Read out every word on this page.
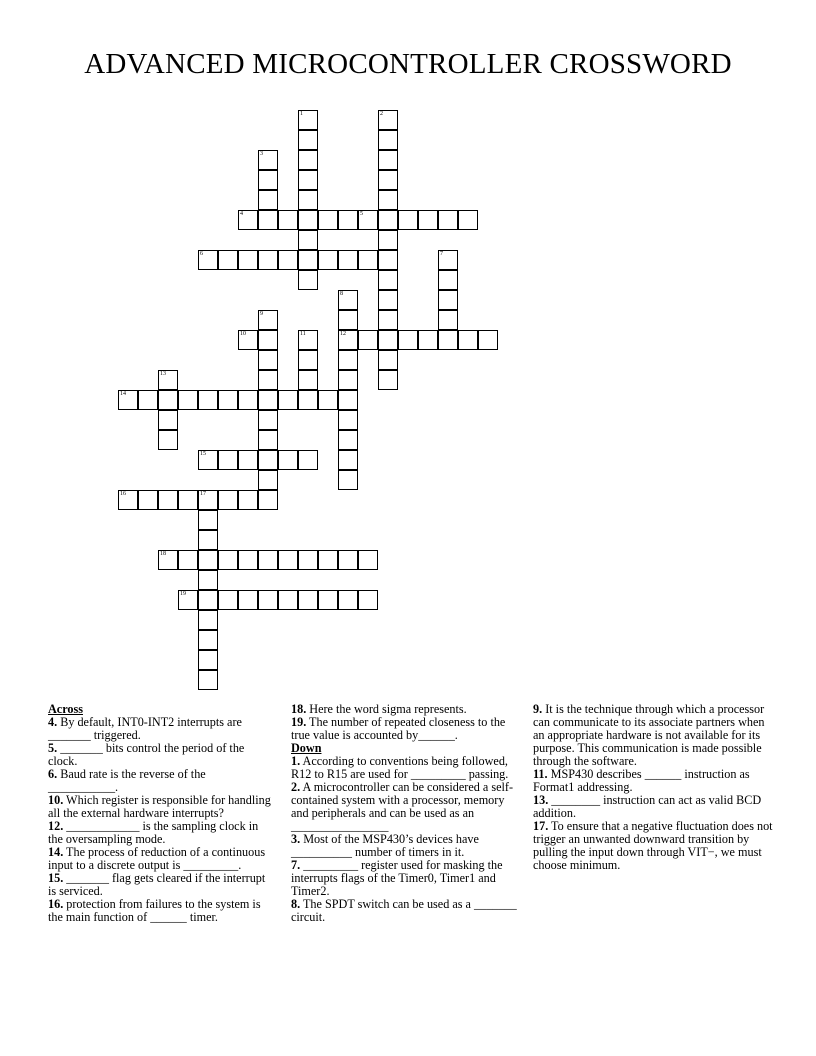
ADVANCED MICROCONTROLLER CROSSWORD
1	2
3
4	5
6	7
8
12
9
10	11
13
14
15
16	17
18
19
Across
4. By default, INT0-INT2 interrupts are _______ triggered.
5. _______ bits control the period of the clock.
6. Baud rate is the reverse of the ___________.
10. Which register is responsible for handling all the external hardware interrupts?
12. ____________ is the sampling clock in the oversampling mode.
14. The process of reduction of a continuous input to a discrete output is _________.
15. _______ flag gets cleared if the interrupt is serviced.
16. protection from failures to the system is the main function of ______ timer.
18. Here the word sigma represents.
19. The number of repeated closeness to the true value is accounted by______.
Down
1. According to conventions being followed, R12 to R15 are used for _________ passing.
2. A microcontroller can be considered a self-contained system with a processor, memory and peripherals and can be used as an ________________
3. Most of the MSP430’s devices have __________ number of timers in it.
7. _________ register used for masking the interrupts flags of the Timer0, Timer1 and Timer2.
8. The SPDT switch can be used as a _______ circuit.
9. It is the technique through which a processor can communicate to its associate partners when an appropriate hardware is not available for its purpose. This communication is made possible through the software.
11. MSP430 describes ______ instruction as Format1 addressing.
13. ________ instruction can act as valid BCD addition.
17. To ensure that a negative fluctuation does not trigger an unwanted downward transition by pulling the input down through VIT−, we must choose minimum.
